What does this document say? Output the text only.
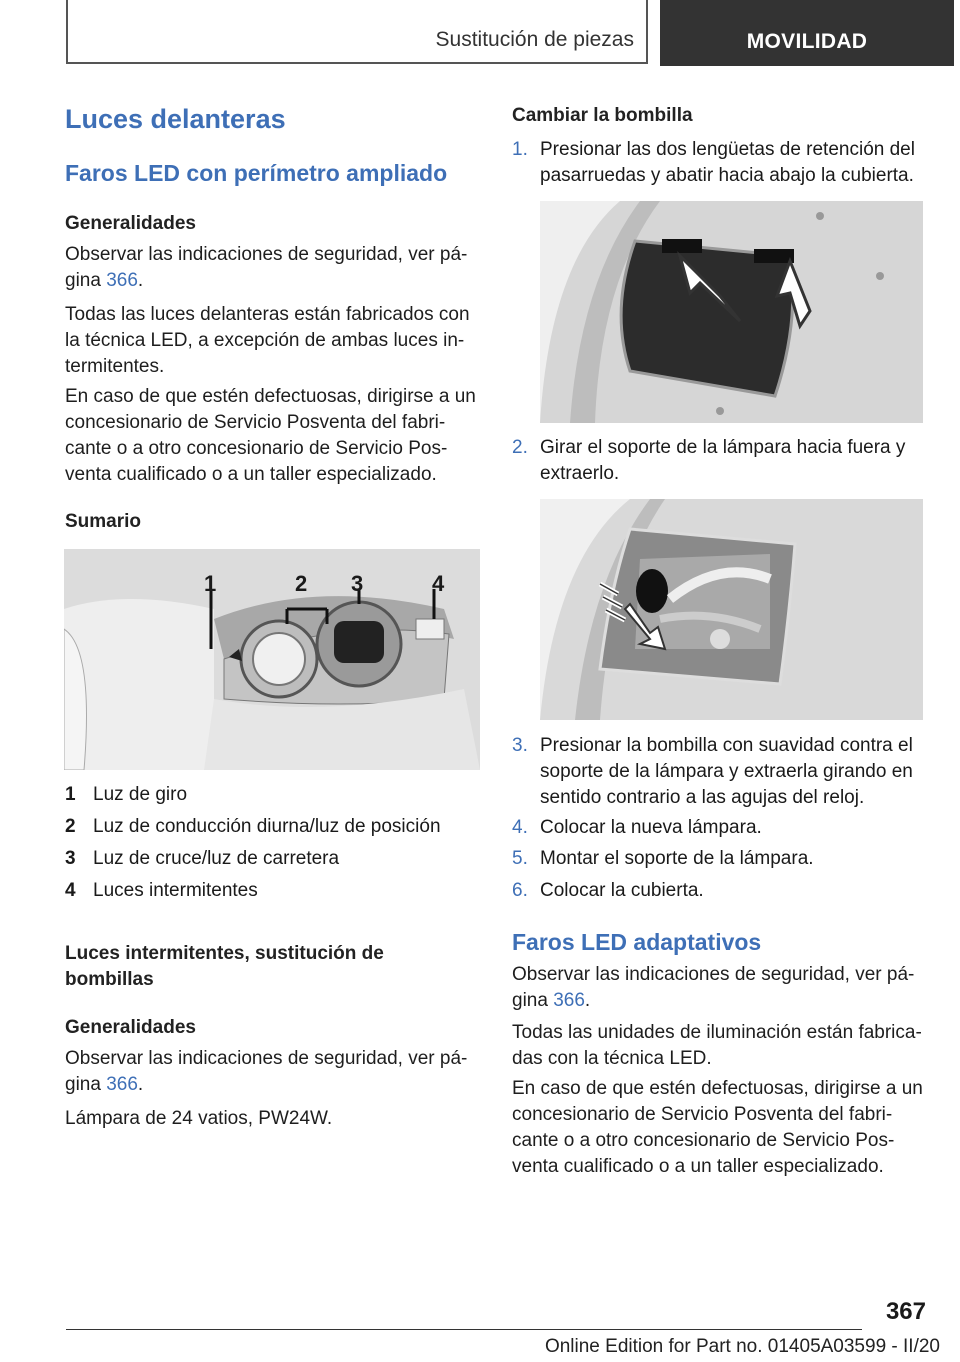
Sustitución de piezas	MOVILIDAD
Luces delanteras
Faros LED con perímetro ampliado
Generalidades
Observar las indicaciones de seguridad, ver pá-
gina 366.
Todas las luces delanteras están fabricados con
la técnica LED, a excepción de ambas luces in-
termitentes.
En caso de que estén defectuosas, dirigirse a un
concesionario de Servicio Posventa del fabri-
cante o a otro concesionario de Servicio Pos-
venta cualificado o a un taller especializado.
Sumario
1	2 3	4
1 Luz de giro
2 Luz de conducción diurna/luz de posición
3 Luz de cruce/luz de carretera
4 Luces intermitentes
Luces intermitentes, sustitución de
bombillas
Generalidades
Observar las indicaciones de seguridad, ver pá-
gina 366.
Lámpara de 24 vatios, PW24W.
Cambiar la bombilla
1. Presionar las dos lengüetas de retención del
pasarruedas y abatir hacia abajo la cubierta.
2. Girar el soporte de la lámpara hacia fuera y
extraerlo.
3. Presionar la bombilla con suavidad contra el
soporte de la lámpara y extraerla girando en
sentido contrario a las agujas del reloj.
4. Colocar la nueva lámpara.
5. Montar el soporte de la lámpara.
6. Colocar la cubierta.
Faros LED adaptativos
Observar las indicaciones de seguridad, ver pá-
gina 366.
Todas las unidades de iluminación están fabrica-
das con la técnica LED.
En caso de que estén defectuosas, dirigirse a un
concesionario de Servicio Posventa del fabri-
cante o a otro concesionario de Servicio Pos-
venta cualificado o a un taller especializado.
367
Online Edition for Part no. 01405A03599 - II/20
